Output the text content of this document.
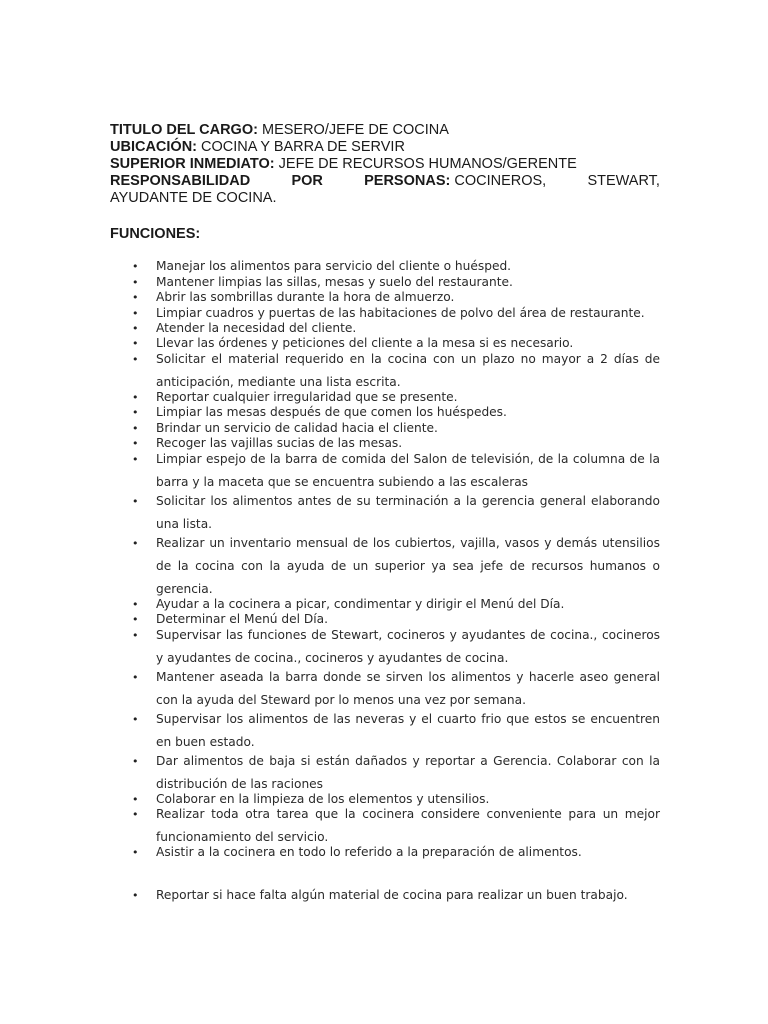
TITULO DEL CARGO: MESERO/JEFE DE COCINA
UBICACIÓN: COCINA Y BARRA DE SERVIR
SUPERIOR INMEDIATO: JEFE DE RECURSOS HUMANOS/GERENTE
RESPONSABILIDAD	POR	PERSONAS: COCINEROS,	STEWART,
AYUDANTE DE COCINA.
FUNCIONES:
• Manejar los alimentos para servicio del cliente o huésped.
• Mantener limpias las sillas, mesas y suelo del restaurante.
• Abrir las sombrillas durante la hora de almuerzo.
• Limpiar cuadros y puertas de las habitaciones de polvo del área de restaurante.
• Atender la necesidad del cliente.
• Llevar las órdenes y peticiones del cliente a la mesa si es necesario.
• Solicitar el material requerido en la cocina con un plazo no mayor a 2 días de anticipación, mediante una lista escrita.
• Reportar cualquier irregularidad que se presente.
• Limpiar las mesas después de que comen los huéspedes.
• Brindar un servicio de calidad hacia el cliente.
• Recoger las vajillas sucias de las mesas.
• Limpiar espejo de la barra de comida del Salon de televisión, de la columna de la barra y la maceta que se encuentra subiendo a las escaleras
• Solicitar los alimentos antes de su terminación a la gerencia general elaborando una lista.
• Realizar un inventario mensual de los cubiertos, vajilla, vasos y demás utensilios de la cocina con la ayuda de un superior ya sea jefe de recursos humanos o gerencia.
• Ayudar a la cocinera a picar, condimentar y dirigir el Menú del Día.
• Determinar el Menú del Día.
• Supervisar las funciones de Stewart, cocineros y ayudantes de cocina., cocineros y ayudantes de cocina., cocineros y ayudantes de cocina.
• Mantener aseada la barra donde se sirven los alimentos y hacerle aseo general con la ayuda del Steward por lo menos una vez por semana.
• Supervisar los alimentos de las neveras y el cuarto frio que estos se encuentren en buen estado.
• Dar alimentos de baja si están dañados y reportar a Gerencia. Colaborar con la distribución de las raciones
• Colaborar en la limpieza de los elementos y utensilios.
• Realizar toda otra tarea que la cocinera considere conveniente para un mejor funcionamiento del servicio.
• Asistir a la cocinera en todo lo referido a la preparación de alimentos.
• Reportar si hace falta algún material de cocina para realizar un buen trabajo.
